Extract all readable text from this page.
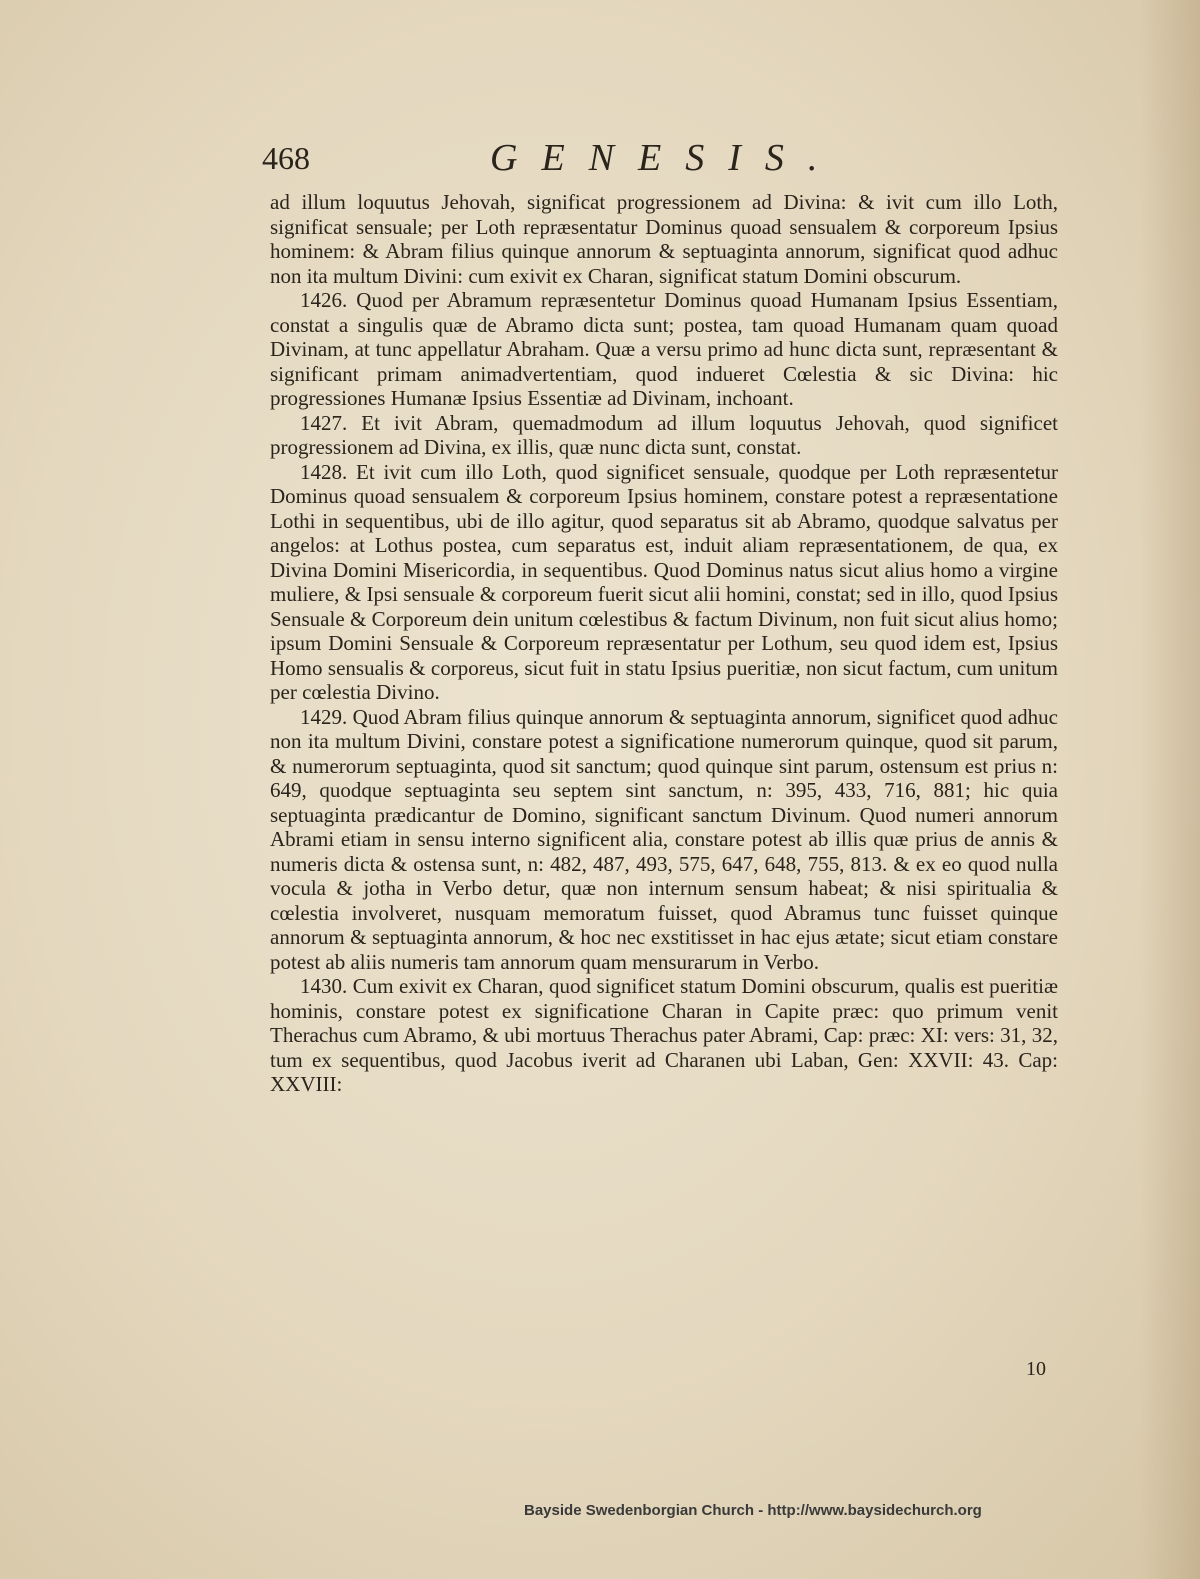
468	GENESIS.

ad illum loquutus Jehovah, significat progressionem ad Divina: & ivit cum illo Loth, significat sensuale; per Loth repræsentatur Dominus quoad sensualem & corporeum Ipsius hominem: & Abram filius quinque annorum & septuaginta annorum, significat quod adhuc non ita multum Divini: cum exivit ex Charan, significat statum Domini obscurum.

1426. Quod per Abramum repræsentetur Dominus quoad Humanam Ipsius Essentiam, constat a singulis quæ de Abramo dicta sunt; postea, tam quoad Humanam quam quoad Divinam, at tunc appellatur Abraham. Quæ a versu primo ad hunc dicta sunt, repræsentant & significant primam animadvertentiam, quod indueret Cœlestia & sic Divina: hic progressiones Humanæ Ipsius Essentiæ ad Divinam, inchoant.

1427. Et ivit Abram, quemadmodum ad illum loquutus Jehovah, quod significet progressionem ad Divina, ex illis, quæ nunc dicta sunt, constat.

1428. Et ivit cum illo Loth, quod significet sensuale, quodque per Loth repræsentetur Dominus quoad sensualem & corporeum Ipsius hominem, constare potest a repræsentatione Lothi in sequentibus, ubi de illo agitur, quod separatus sit ab Abramo, quodque salvatus per angelos: at Lothus postea, cum separatus est, induit aliam repræsentationem, de qua, ex Divina Domini Misericordia, in sequentibus. Quod Dominus natus sicut alius homo a virgine muliere, & Ipsi sensuale & corporeum fuerit sicut alii homini, constat; sed in illo, quod Ipsius Sensuale & Corporeum dein unitum cœlestibus & factum Divinum, non fuit sicut alius homo; ipsum Domini Sensuale & Corporeum repræsentatur per Lothum, seu quod idem est, Ipsius Homo sensualis & corporeus, sicut fuit in statu Ipsius pueritiæ, non sicut factum, cum unitum per cœlestia Divino.

1429. Quod Abram filius quinque annorum & septuaginta annorum, significet quod adhuc non ita multum Divini, constare potest a significatione numerorum quinque, quod sit parum, & numerorum septuaginta, quod sit sanctum; quod quinque sint parum, ostensum est prius n: 649, quodque septuaginta seu septem sint sanctum, n: 395, 433, 716, 881; hic quia septuaginta prædicantur de Domino, significant sanctum Divinum. Quod numeri annorum Abrami etiam in sensu interno significent alia, constare potest ab illis quæ prius de annis & numeris dicta & ostensa sunt, n: 482, 487, 493, 575, 647, 648, 755, 813. & ex eo quod nulla vocula & jotha in Verbo detur, quæ non internum sensum habeat; & nisi spiritualia & cœlestia involveret, nusquam memoratum fuisset, quod Abramus tunc fuisset quinque annorum & septuaginta annorum, & hoc nec exstitisset in hac ejus ætate; sicut etiam constare potest ab aliis numeris tam annorum quam mensurarum in Verbo.

1430. Cum exivit ex Charan, quod significet statum Domini obscurum, qualis est pueritiæ hominis, constare potest ex significatione Charan in Capite præc: quo primum venit Therachus cum Abramo, & ubi mortuus Therachus pater Abrami, Cap: præc: XI: vers: 31, 32, tum ex sequentibus, quod Jacobus iverit ad Charanen ubi Laban, Gen: XXVII: 43. Cap: XXVIII:

10
Bayside Swedenborgian Church - http://www.baysidechurch.org
